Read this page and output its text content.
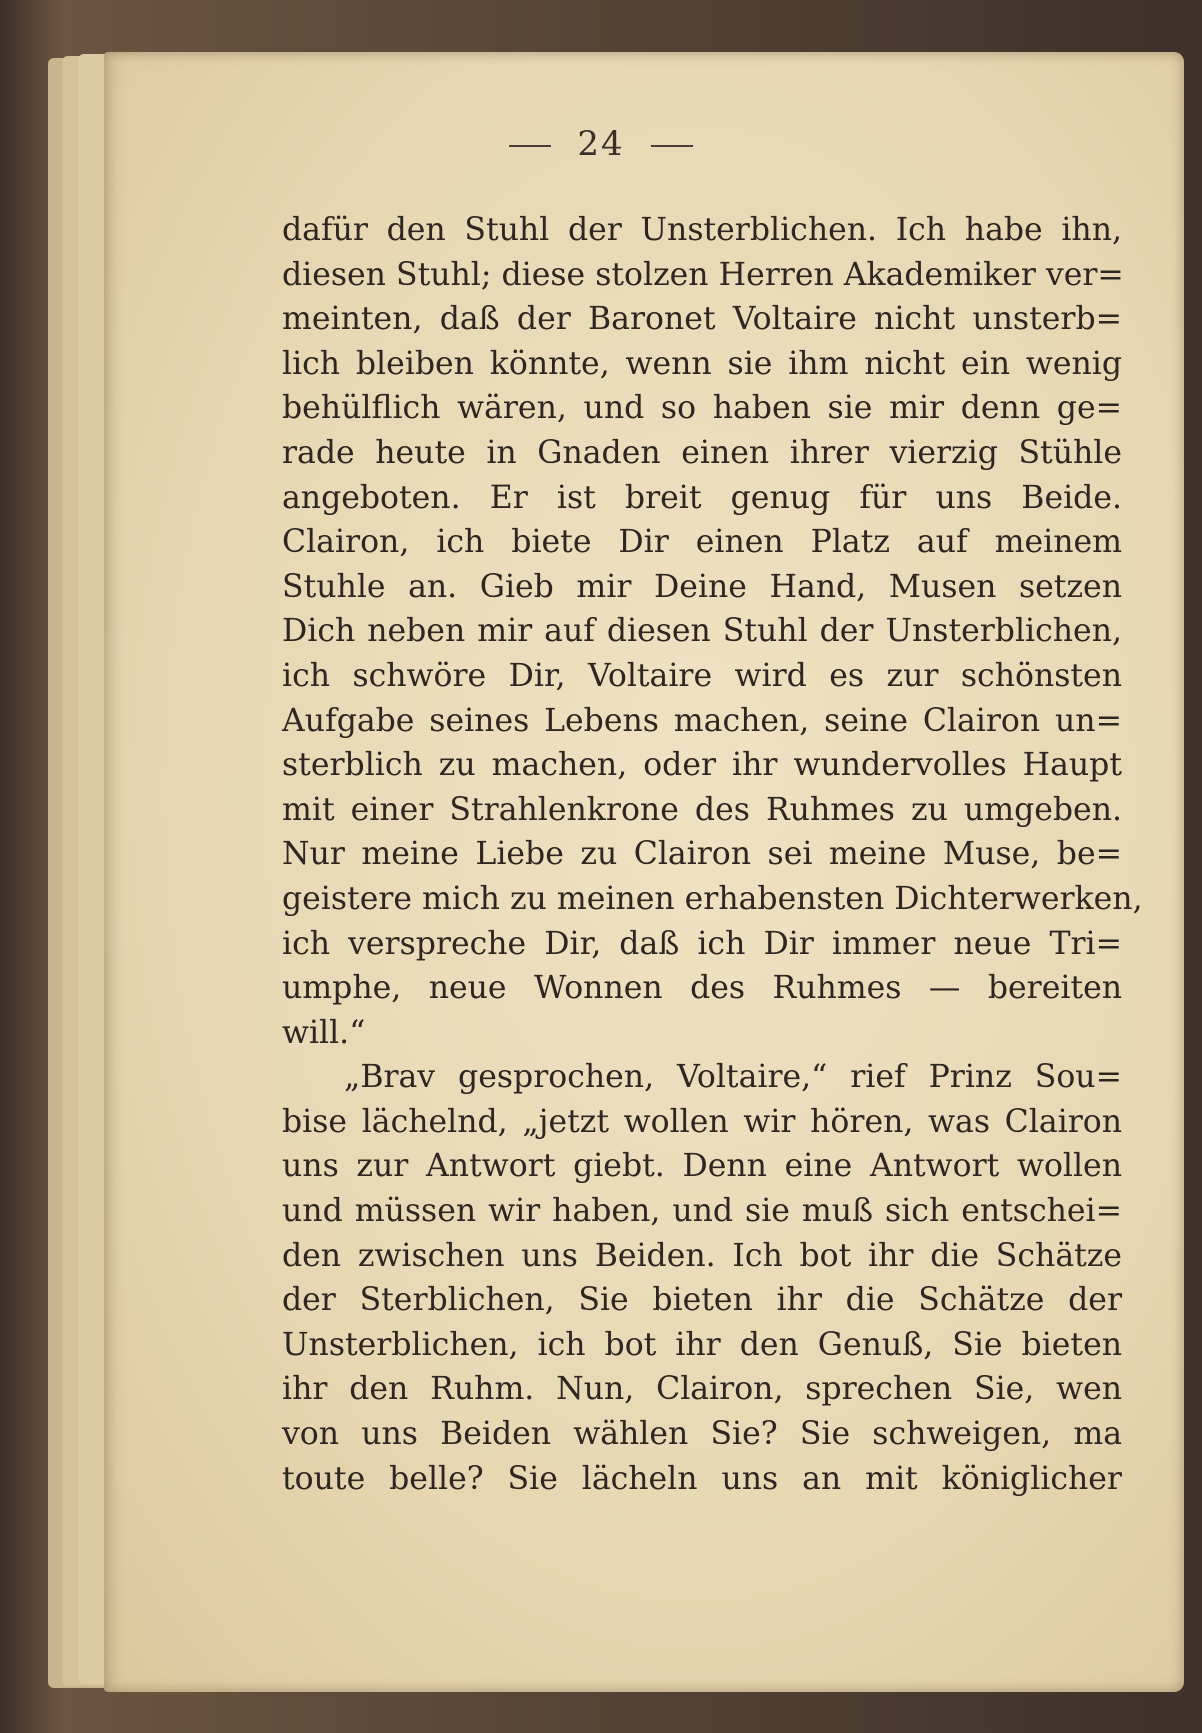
24
dafür den Stuhl der Unsterblichen. Ich habe ihn,
diesen Stuhl; diese stolzen Herren Akademiker ver=
meinten, daß der Baronet Voltaire nicht unsterb=
lich bleiben könnte, wenn sie ihm nicht ein wenig
behülflich wären, und so haben sie mir denn ge=
rade heute in Gnaden einen ihrer vierzig Stühle
angeboten. Er ist breit genug für uns Beide.
Clairon, ich biete Dir einen Platz auf meinem
Stuhle an. Gieb mir Deine Hand, Musen setzen
Dich neben mir auf diesen Stuhl der Unsterblichen,
ich schwöre Dir, Voltaire wird es zur schönsten
Aufgabe seines Lebens machen, seine Clairon un=
sterblich zu machen, oder ihr wundervolles Haupt
mit einer Strahlenkrone des Ruhmes zu umgeben.
Nur meine Liebe zu Clairon sei meine Muse, be=
geistere mich zu meinen erhabensten Dichterwerken,
ich verspreche Dir, daß ich Dir immer neue Tri=
umphe, neue Wonnen des Ruhmes — bereiten
will.“
„Brav gesprochen, Voltaire,“ rief Prinz Sou=
bise lächelnd, „jetzt wollen wir hören, was Clairon
uns zur Antwort giebt. Denn eine Antwort wollen
und müssen wir haben, und sie muß sich entschei=
den zwischen uns Beiden. Ich bot ihr die Schätze
der Sterblichen, Sie bieten ihr die Schätze der
Unsterblichen, ich bot ihr den Genuß, Sie bieten
ihr den Ruhm. Nun, Clairon, sprechen Sie, wen
von uns Beiden wählen Sie? Sie schweigen, ma
toute belle? Sie lächeln uns an mit königlicher
